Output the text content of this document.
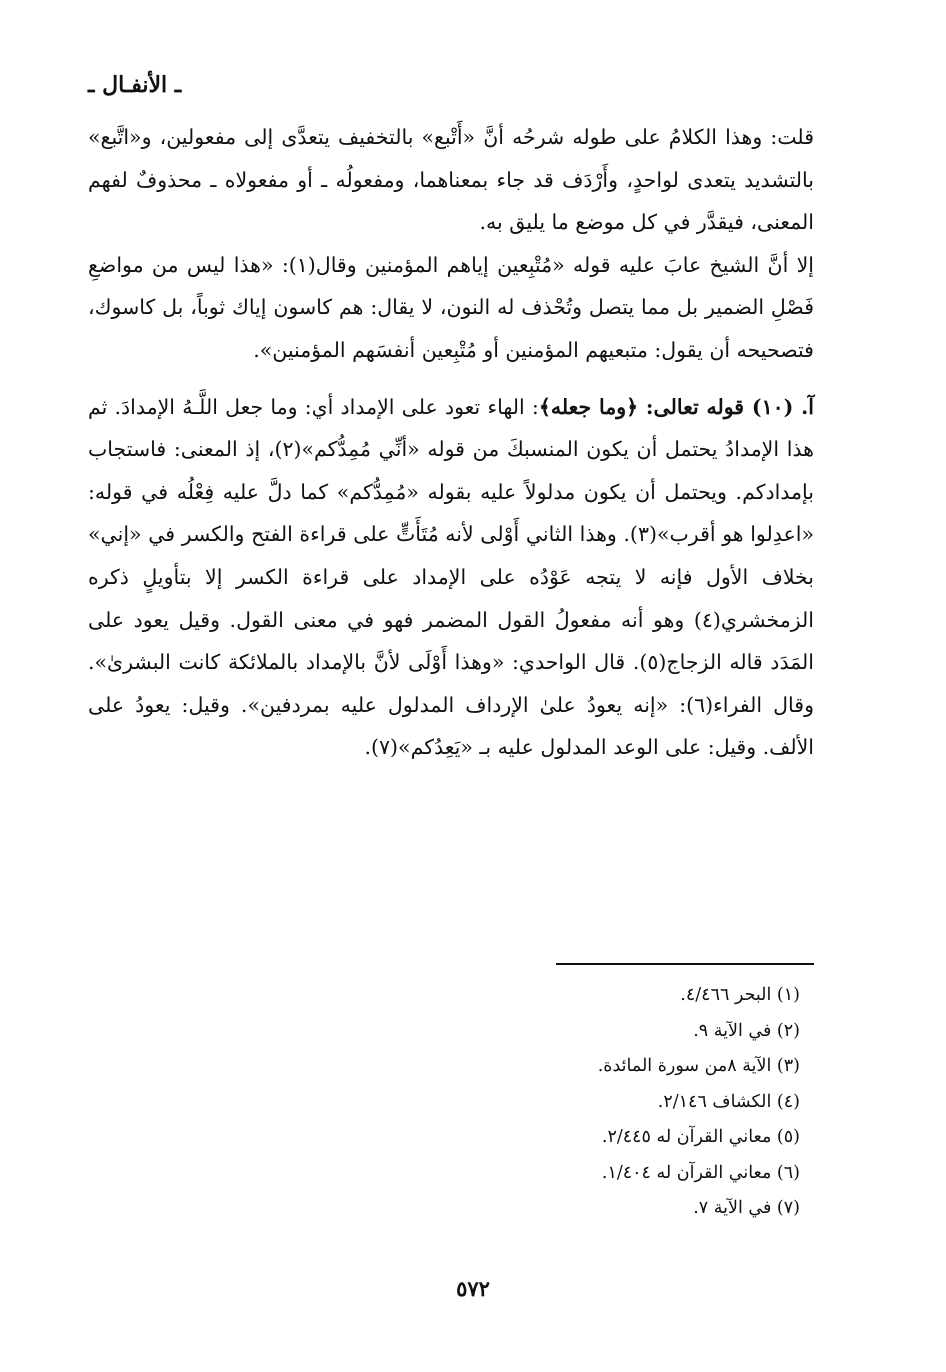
ـ الأنفـال ـ

قلت: وهذا الكلامُ على طوله شرحُه أنَّ «أَتْبع» بالتخفيف يتعدَّى إلى مفعولين، و«اتَّبع» بالتشديد يتعدى لواحدٍ، وأَرْدَف قد جاء بمعناهما، ومفعولُه ـ أو مفعولاه ـ محذوفٌ لفهم المعنى، فيقدَّر في كل موضع ما يليق به.

إلا أنَّ الشيخ عابَ عليه قوله «مُتْبِعين إياهم المؤمنين وقال(١): «هذا ليس من مواضعِ فَصْلِ الضمير بل مما يتصل وتُحْذف له النون، لا يقال: هم كاسون إياك ثوباً، بل كاسوك، فتصحيحه أن يقول: متبعيهم المؤمنين أو مُتْبِعين أنفسَهم المؤمنين».

آ. (١٠) قوله تعالى: ﴿وما جعله﴾: الهاء تعود على الإمداد أي: وما جعل اللَّـهُ الإمدادَ. ثم هذا الإمدادُ يحتمل أن يكون المنسبكَ من قوله «أنِّي مُمِدُّكم»(٢)، إذ المعنى: فاستجاب بإمدادكم. ويحتمل أن يكون مدلولاً عليه بقوله «مُمِدُّكم» كما دلَّ عليه فِعْلُه في قوله: «اعدِلوا هو أقرب»(٣). وهذا الثاني أَوْلى لأنه مُتَأَتٍّ على قراءة الفتح والكسر في «إني» بخلاف الأول فإنه لا يتجه عَوْدُه على الإمداد على قراءة الكسر إلا بتأويلٍ ذكره الزمخشري(٤) وهو أنه مفعولُ القول المضمر فهو في معنى القول. وقيل يعود على المَدَد قاله الزجاج(٥). قال الواحدي: «وهذا أَوْلَى لأنَّ بالإمداد بالملائكة كانت البشرىٰ». وقال الفراء(٦): «إنه يعودُ علىٰ الإرداف المدلول عليه بمردفين». وقيل: يعودُ على الألف. وقيل: على الوعد المدلول عليه بـ «يَعِدُكم»(٧).

(١) البحر ٤/٤٦٦.
(٢) في الآية ٩.
(٣) الآية ٨من سورة المائدة.
(٤) الكشاف ٢/١٤٦.
(٥) معاني القرآن له ٢/٤٤٥.
(٦) معاني القرآن له ١/٤٠٤.
(٧) في الآية ٧.
٥٧٢
